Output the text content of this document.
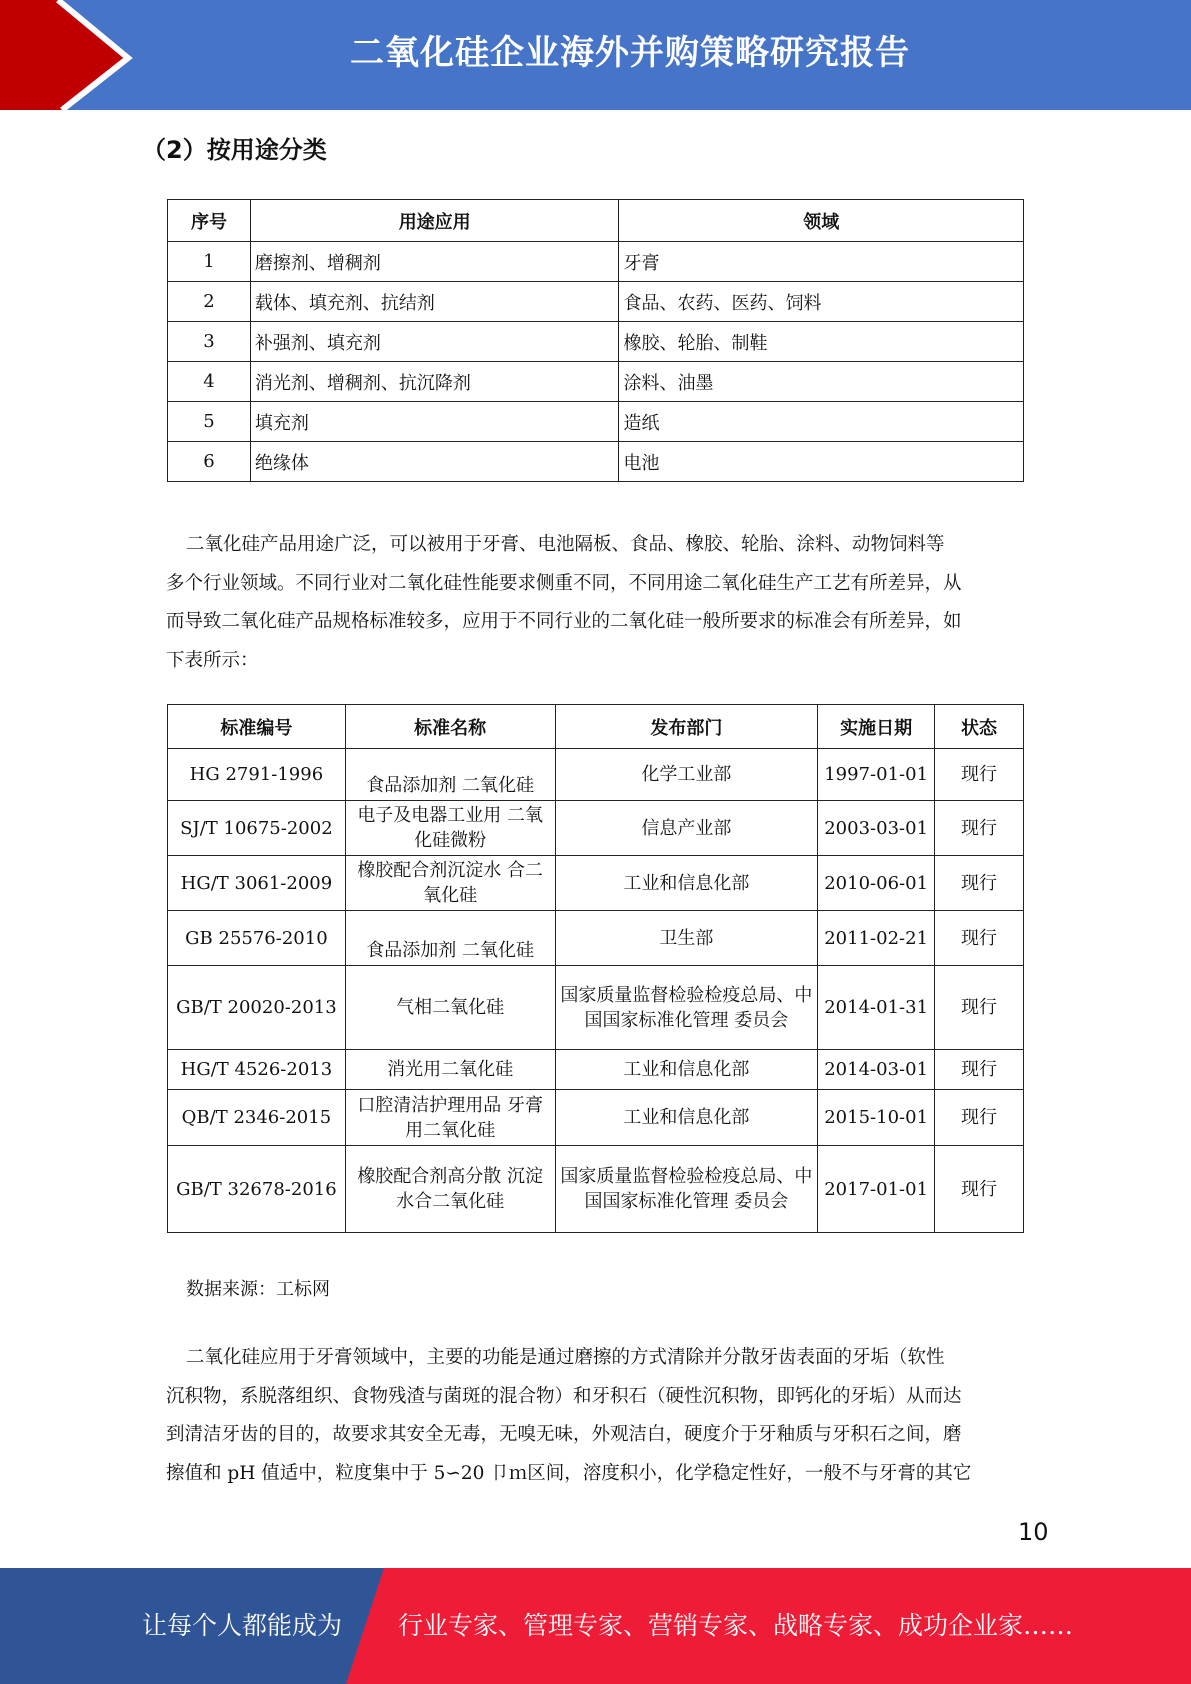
二氧化硅企业海外并购策略研究报告
（2）按用途分类
序号	用途应用	领域
1	磨擦剂、增稠剂	牙膏
2	载体、填充剂、抗结剂	食品、农药、医药、饲料
3	补强剂、填充剂	橡胶、轮胎、制鞋
4	消光剂、增稠剂、抗沉降剂	涂料、油墨
5	填充剂	造纸
6	绝缘体	电池

二氧化硅产品用途广泛，可以被用于牙膏、电池隔板、食品、橡胶、轮胎、涂料、动物饲料等

多个行业领域。不同行业对二氧化硅性能要求侧重不同，不同用途二氧化硅生产工艺有所差异，从

而导致二氧化硅产品规格标准较多，应用于不同行业的二氧化硅一般所要求的标准会有所差异，如

下表所示：

标准编号	标准名称	发布部门	实施日期	状态
HG 2791-1996	食品添加剂 二氧化硅	化学工业部	1997-01-01	现行
SJ/T 10675-2002	电子及电器工业用 二氧化硅微粉	信息产业部	2003-03-01	现行
HG/T 3061-2009	橡胶配合剂沉淀水 合二氧化硅	工业和信息化部	2010-06-01	现行
GB 25576-2010	食品添加剂 二氧化硅	卫生部	2011-02-21	现行
GB/T 20020-2013	气相二氧化硅	国家质量监督检验检疫总局、中国国家标准化管理 委员会	2014-01-31	现行
HG/T 4526-2013	消光用二氧化硅	工业和信息化部	2014-03-01	现行
QB/T 2346-2015	口腔清洁护理用品 牙膏用二氧化硅	工业和信息化部	2015-10-01	现行
GB/T 32678-2016	橡胶配合剂高分散 沉淀水合二氧化硅	国家质量监督检验检疫总局、中国国家标准化管理 委员会	2017-01-01	现行
数据来源：工标网

二氧化硅应用于牙膏领域中，主要的功能是通过磨擦的方式清除并分散牙齿表面的牙垢（软性

沉积物，系脱落组织、食物残渣与菌斑的混合物）和牙积石（硬性沉积物，即钙化的牙垢）从而达

到清洁牙齿的目的，故要求其安全无毒，无嗅无味，外观洁白，硬度介于牙釉质与牙积石之间，磨

擦值和 pH 值适中，粒度集中于 5∽20 卩ｍ区间，溶度积小，化学稳定性好，一般不与牙膏的其它

10
让每个人都能成为 行业专家、管理专家、营销专家、战略专家、成功企业家……
